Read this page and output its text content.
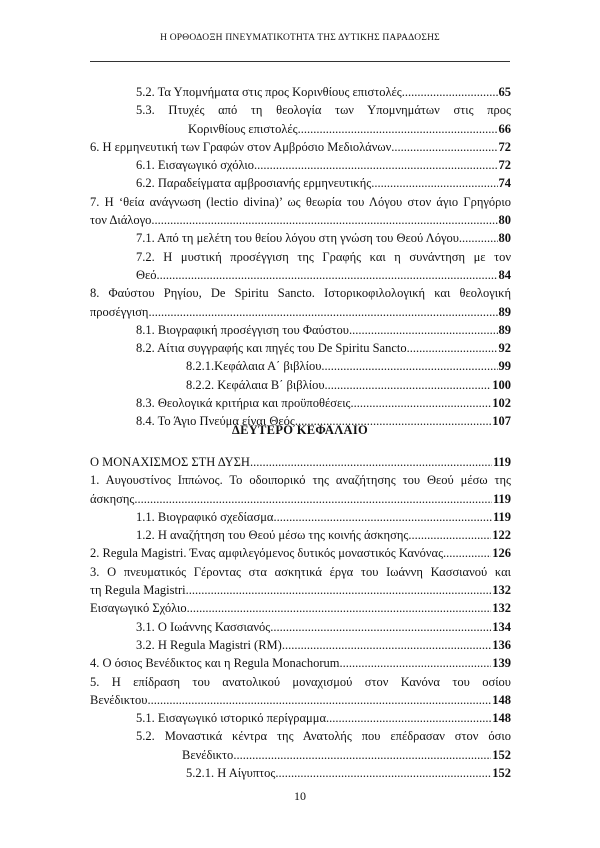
Η ΟΡΘΟΔΟΞΗ ΠΝΕΥΜΑΤΙΚΟΤΗΤΑ ΤΗΣ ΔΥΤΙΚΗΣ ΠΑΡΑΔΟΣΗΣ
5.2. Τα Υπομνήματα στις προς Κορινθίους επιστολές .....	65
5.3. Πτυχές από τη θεολογία των Υπομνημάτων στις προς
Κορινθίους επιστολές .....	66
6. Η ερμηνευτική των Γραφών στον Αμβρόσιο Μεδιολάνων .....	72
6.1. Εισαγωγικό σχόλιο .....	72
6.2. Παραδείγματα αμβροσιανής ερμηνευτικής .....	74
7. Η ‘θεία ανάγνωση (lectio divina)’ ως θεωρία του Λόγου στον άγιο Γρηγόριο
τον Διάλογο .....	80
7.1. Από τη μελέτη του θείου λόγου στη γνώση του Θεού Λόγου .....	80
7.2. Η μυστική προσέγγιση της Γραφής και η συνάντηση με τον
Θεό .....	84
8. Φαύστου Ρηγίου, De Spiritu Sancto. Ιστορικοφιλολογική και θεολογική
προσέγγιση .....	89
8.1. Βιογραφική προσέγγιση του Φαύστου .....	89
8.2. Αίτια συγγραφής και πηγές του De Spiritu Sancto .....	92
8.2.1.Κεφάλαια Α΄ βιβλίου .....	99
8.2.2. Κεφάλαια Β΄ βιβλίου .....	100
8.3. Θεολογικά κριτήρια και προϋποθέσεις .....	102
8.4. Το Άγιο Πνεύμα είναι Θεός .....	107
ΔΕΥΤΕΡΟ ΚΕΦΑΛΑΙΟ
Ο ΜΟΝΑΧΙΣΜΟΣ ΣΤΗ ΔΥΣΗ .....	119
1. Αυγουστίνος Ιππώνος. Το οδοιπορικό της αναζήτησης του Θεού μέσω της
άσκησης .....	119
1.1. Βιογραφικό σχεδίασμα .....	119
1.2. Η αναζήτηση του Θεού μέσω της κοινής άσκησης .....	122
2. Regula Magistri. Ένας αμφιλεγόμενος δυτικός μοναστικός Κανόνας .....	126
3. Ο πνευματικός Γέροντας στα ασκητικά έργα του Ιωάννη Κασσιανού και
τη Regula Magistri .....	132
Εισαγωγικό Σχόλιο .....	132
3.1. Ο Ιωάννης Κασσιανός .....	134
3.2. Η Regula Magistri (RM) .....	136
4. Ο όσιος Βενέδικτος και η Regula Monachorum .....	139
5. Η επίδραση του ανατολικού μοναχισμού στον Κανόνα του οσίου
Βενέδικτου .....	148
5.1. Εισαγωγικό ιστορικό περίγραμμα .....	148
5.2. Μοναστικά κέντρα της Ανατολής που επέδρασαν στον όσιο
Βενέδικτο .....	152
5.2.1. Η Αίγυπτος .....	152
10
